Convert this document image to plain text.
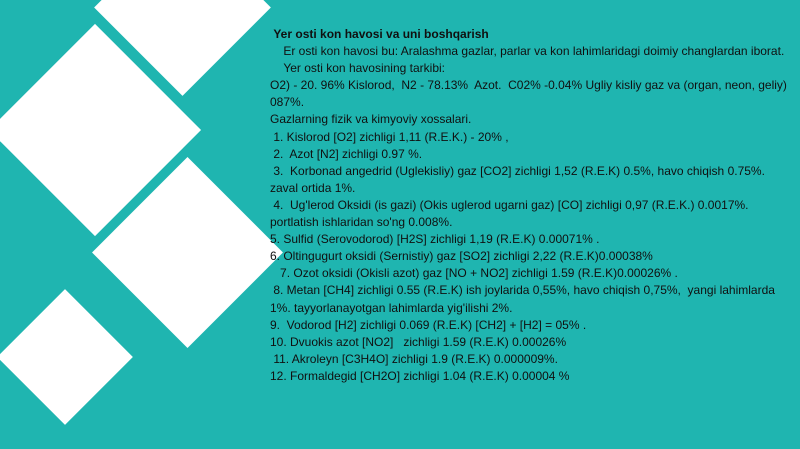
Yer osti kon havosi va uni boshqarish
Er osti kon havosi bu: Aralashma gazlar, parlar va kon lahimlaridagi doimiy changlardan iborat.
Yer osti kon havosining tarkibi:
O2) - 20. 96% Kislorod,  N2 - 78.13%  Azot.  C02% -0.04% Ugliy kisliy gaz va (organ, neon, geliy) 087%.
Gazlarning fizik va kimyoviy xossalari.
1. Kislorod [O2] zichligi 1,11 (R.E.K.) - 20% ,
2.  Azot [N2] zichligi 0.97 %.
3.  Korbonad angedrid (Uglekisliy) gaz [CO2] zichligi 1,52 (R.E.K) 0.5%, havo chiqish 0.75%.  zaval ortida 1%.
4.  Ug'lerod Oksidi (is gazi) (Okis uglerod ugarni gaz) [CO] zichligi 0,97 (R.E.K.) 0.0017%. portlatish ishlaridan so'ng 0.008%.
5. Sulfid (Serovodorod) [H2S] zichligi 1,19 (R.E.K) 0.00071% .
6. Oltingugurt oksidi (Sernistiy) gaz [SO2] zichligi 2,22 (R.E.K)0.00038%
7. Ozot oksidi (Okisli azot) gaz [NO + NO2] zichligi 1.59 (R.E.K)0.00026% .
8. Metan [CH4] zichligi 0.55 (R.E.K) ish joylarida 0,55%, havo chiqish 0,75%,  yangi lahimlarda 1%. tayyorlanayotgan lahimlarda yig'ilishi 2%.
9.  Vodorod [H2] zichligi 0.069 (R.E.K) [CH2] + [H2] = 05% .
10. Dvuokis azot [NO2]   zichligi 1.59 (R.E.K) 0.00026%
11. Akroleyn [C3H4O] zichligi 1.9 (R.E.K) 0.000009%.
12. Formaldegid [CH2O] zichligi 1.04 (R.E.K) 0.00004 %
